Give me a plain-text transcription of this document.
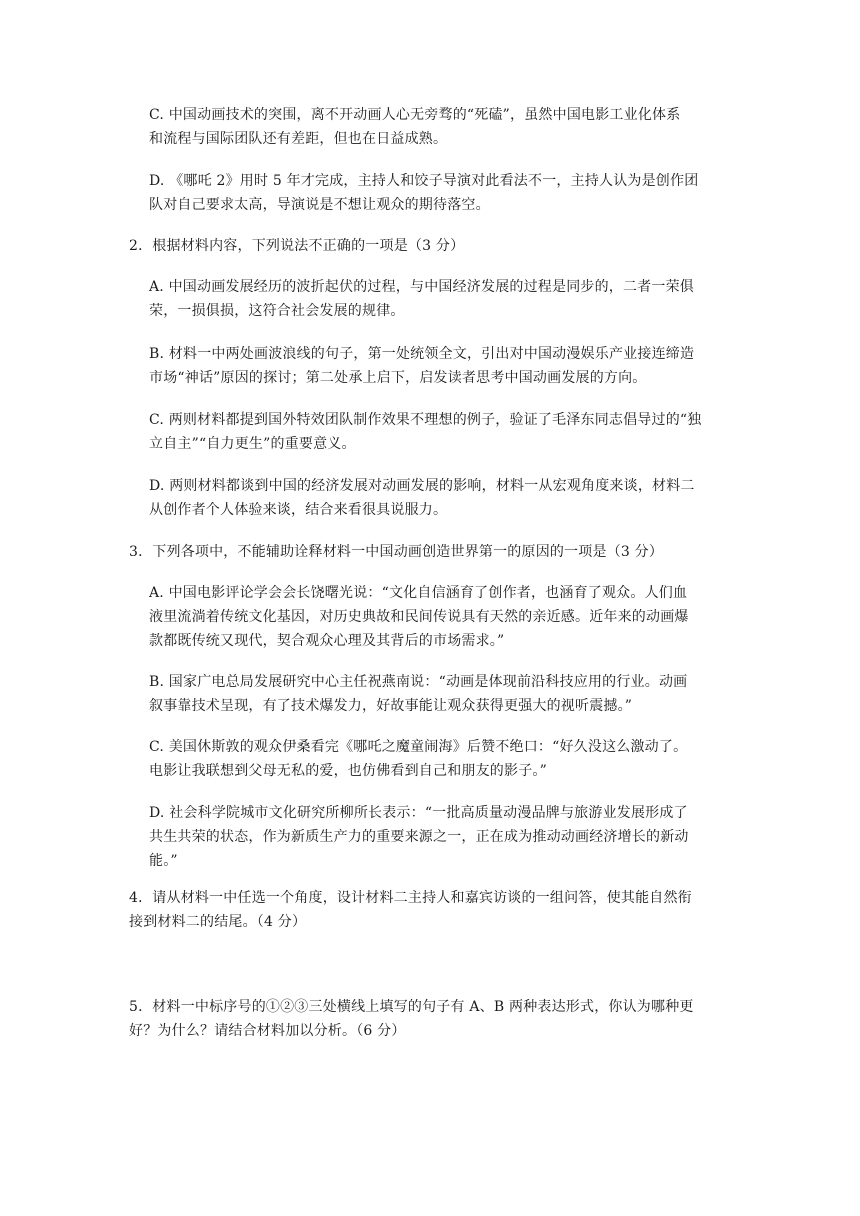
C. 中国动画技术的突围，离不开动画人心无旁骛的“死磕”，虽然中国电影工业化体系

和流程与国际团队还有差距，但也在日益成熟。

D. 《哪吒 2》用时 5 年才完成，主持人和饺子导演对此看法不一，主持人认为是创作团

队对自己要求太高，导演说是不想让观众的期待落空。

2．根据材料内容，下列说法不正确的一项是（3 分）

A. 中国动画发展经历的波折起伏的过程，与中国经济发展的过程是同步的，二者一荣俱

荣，一损俱损，这符合社会发展的规律。

B. 材料一中两处画波浪线的句子，第一处统领全文，引出对中国动漫娱乐产业接连缔造

市场“神话”原因的探讨；第二处承上启下，启发读者思考中国动画发展的方向。

C. 两则材料都提到国外特效团队制作效果不理想的例子，验证了毛泽东同志倡导过的“独

立自主”“自力更生”的重要意义。

D. 两则材料都谈到中国的经济发展对动画发展的影响，材料一从宏观角度来谈，材料二

从创作者个人体验来谈，结合来看很具说服力。

3．下列各项中，不能辅助诠释材料一中国动画创造世界第一的原因的一项是（3 分）

A. 中国电影评论学会会长饶曙光说：“文化自信涵育了创作者，也涵育了观众。人们血

液里流淌着传统文化基因，对历史典故和民间传说具有天然的亲近感。近年来的动画爆

款都既传统又现代，契合观众心理及其背后的市场需求。”

B. 国家广电总局发展研究中心主任祝燕南说：“动画是体现前沿科技应用的行业。动画

叙事靠技术呈现，有了技术爆发力，好故事能让观众获得更强大的视听震撼。”

C. 美国休斯敦的观众伊桑看完《哪吒之魔童闹海》后赞不绝口：“好久没这么激动了。

电影让我联想到父母无私的爱，也仿佛看到自己和朋友的影子。”

D. 社会科学院城市文化研究所柳所长表示：“一批高质量动漫品牌与旅游业发展形成了

共生共荣的状态，作为新质生产力的重要来源之一，正在成为推动动画经济增长的新动

能。”

4．请从材料一中任选一个角度，设计材料二主持人和嘉宾访谈的一组问答，使其能自然衔

接到材料二的结尾。（4 分）

5．材料一中标序号的①②③三处横线上填写的句子有 A、B 两种表达形式，你认为哪种更

好？为什么？请结合材料加以分析。（6 分）
